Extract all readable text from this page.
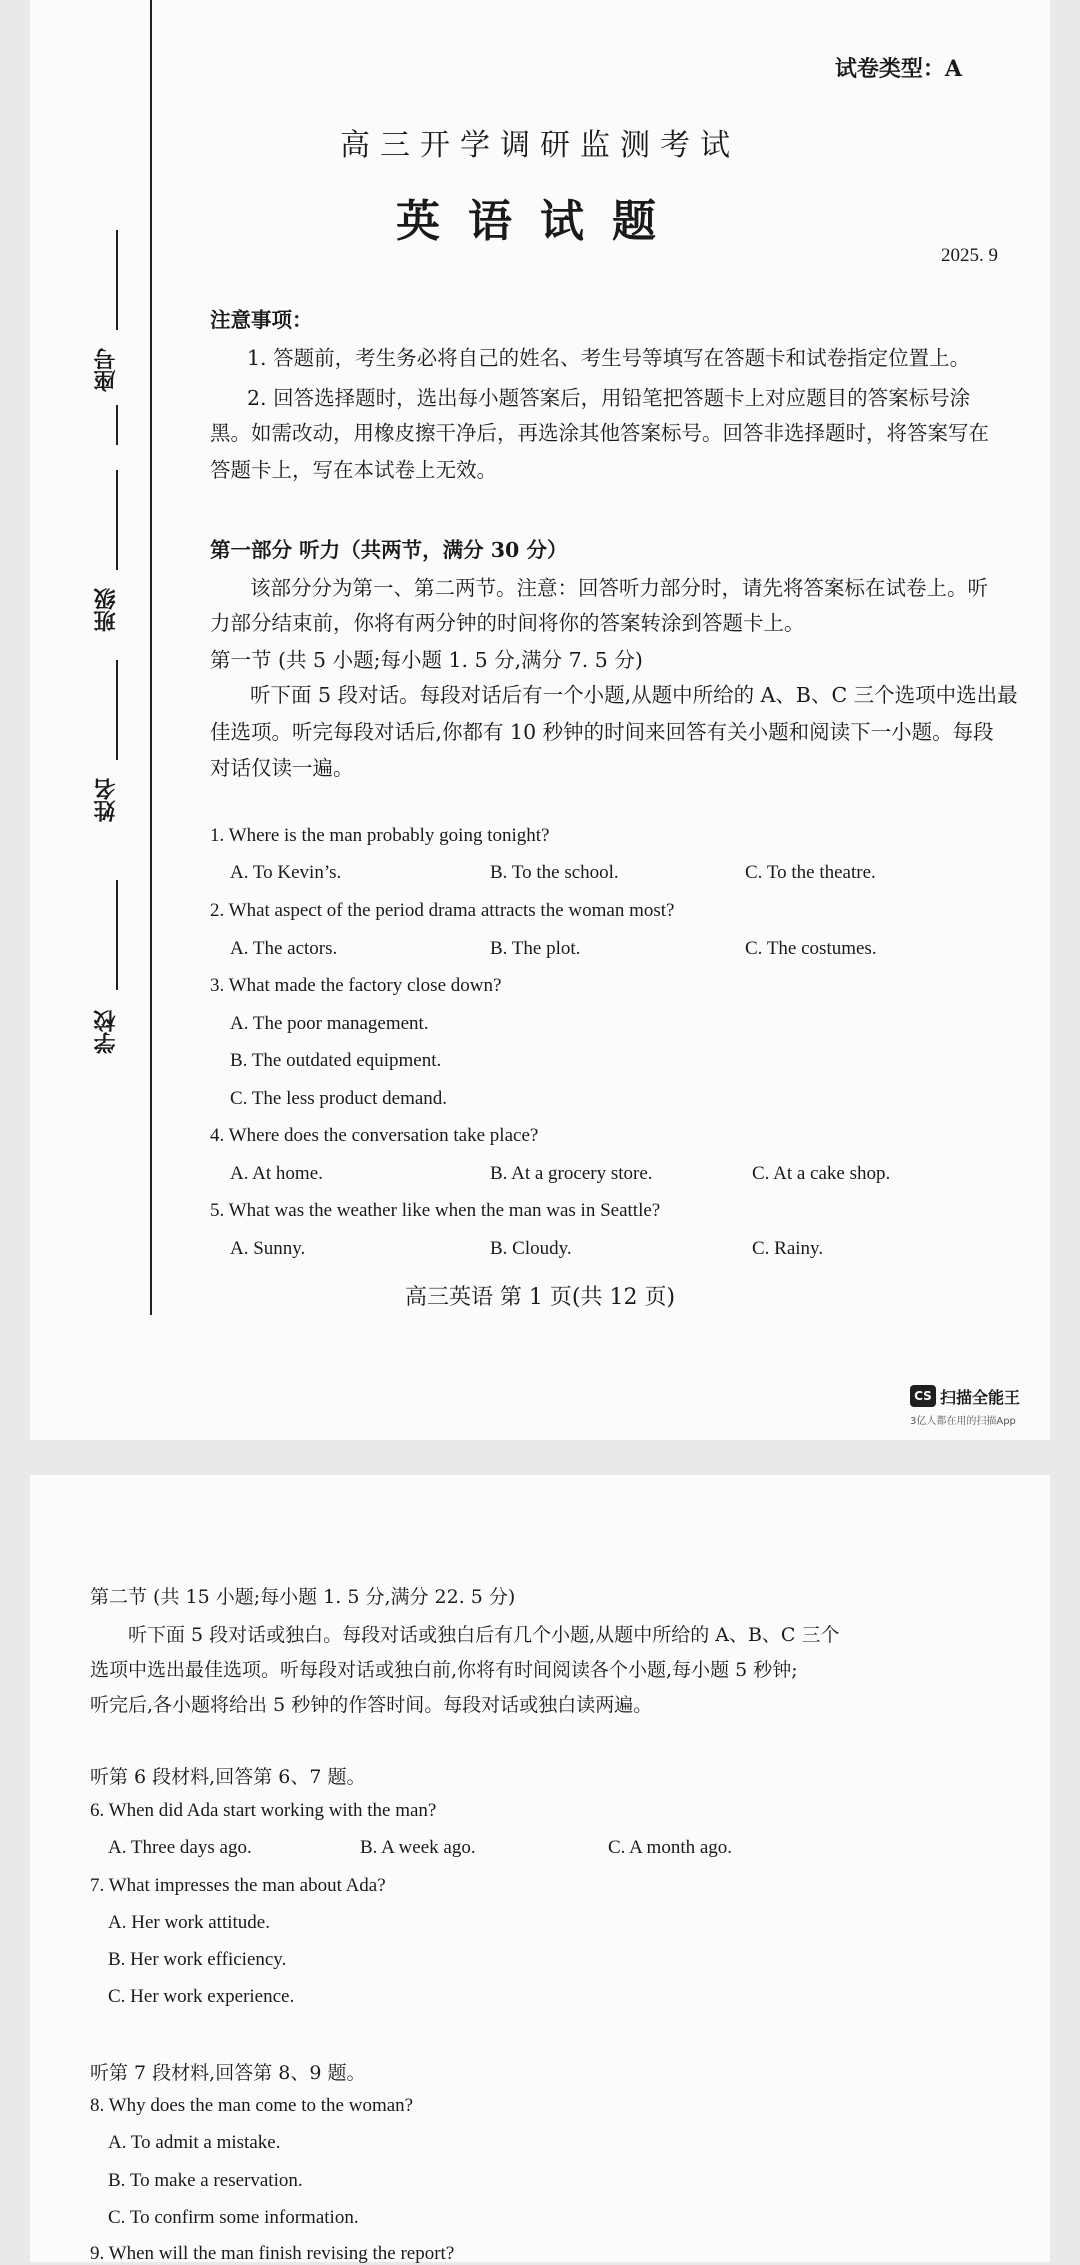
座号
班级
姓名
学校
试卷类型：A
高三开学调研监测考试
英语试题
2025. 9
注意事项：
1. 答题前，考生务必将自己的姓名、考生号等填写在答题卡和试卷指定位置上。
2. 回答选择题时，选出每小题答案后，用铅笔把答题卡上对应题目的答案标号涂
黑。如需改动，用橡皮擦干净后，再选涂其他答案标号。回答非选择题时，将答案写在
答题卡上，写在本试卷上无效。
第一部分 听力（共两节，满分 30 分）
该部分分为第一、第二两节。注意：回答听力部分时，请先将答案标在试卷上。听
力部分结束前，你将有两分钟的时间将你的答案转涂到答题卡上。
第一节 (共 5 小题;每小题 1. 5 分,满分 7. 5 分)
听下面 5 段对话。每段对话后有一个小题,从题中所给的 A、B、C 三个选项中选出最
佳选项。听完每段对话后,你都有 10 秒钟的时间来回答有关小题和阅读下一小题。每段
对话仅读一遍。
1. Where is the man probably going tonight?
A. To Kevin’s.	B. To the school.	C. To the theatre.
2. What aspect of the period drama attracts the woman most?
A. The actors.	B. The plot.	C. The costumes.
3. What made the factory close down?
A. The poor management.
B. The outdated equipment.
C. The less product demand.
4. Where does the conversation take place?
A. At home.	B. At a grocery store.	C. At a cake shop.
5. What was the weather like when the man was in Seattle?
A. Sunny.	B. Cloudy.	C. Rainy.
高三英语 第 1 页(共 12 页)
CS 扫描全能王
3亿人都在用的扫描App
第二节 (共 15 小题;每小题 1. 5 分,满分 22. 5 分)
听下面 5 段对话或独白。每段对话或独白后有几个小题,从题中所给的 A、B、C 三个
选项中选出最佳选项。听每段对话或独白前,你将有时间阅读各个小题,每小题 5 秒钟;
听完后,各小题将给出 5 秒钟的作答时间。每段对话或独白读两遍。
听第 6 段材料,回答第 6、7 题。
6. When did Ada start working with the man?
A. Three days ago.	B. A week ago.	C. A month ago.
7. What impresses the man about Ada?
A. Her work attitude.
B. Her work efficiency.
C. Her work experience.
听第 7 段材料,回答第 8、9 题。
8. Why does the man come to the woman?
A. To admit a mistake.
B. To make a reservation.
C. To confirm some information.
9. When will the man finish revising the report?
